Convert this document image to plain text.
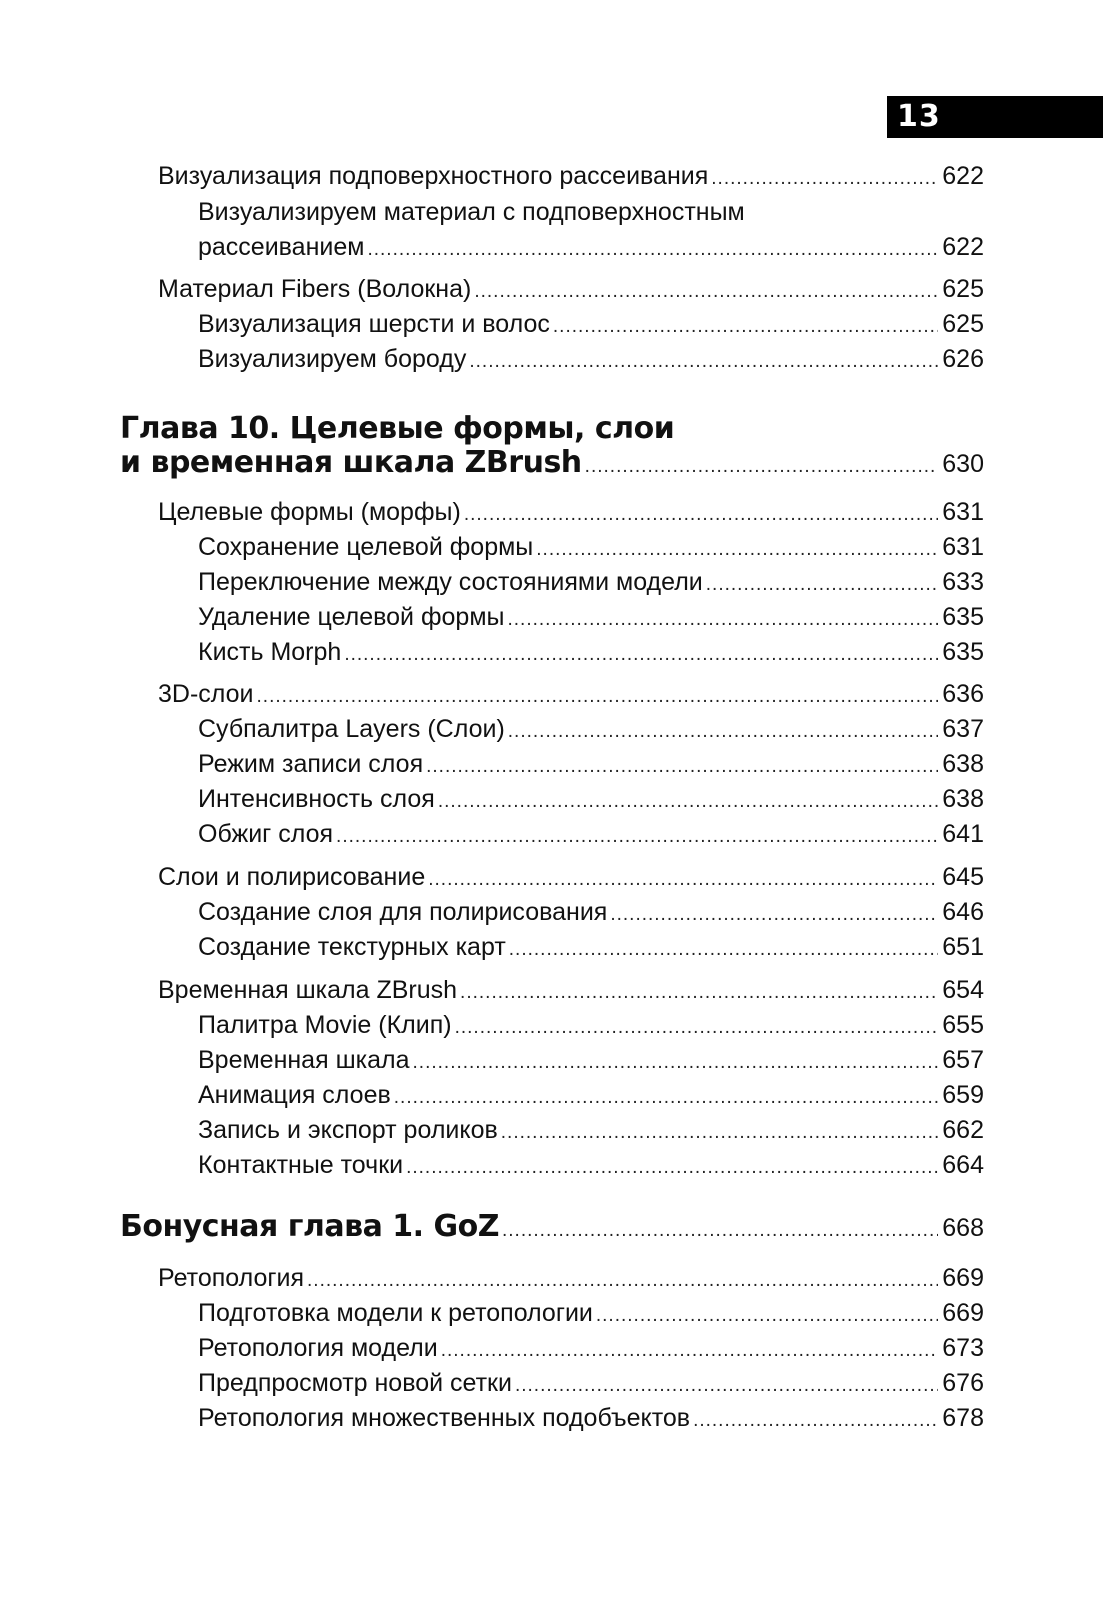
13
Визуализация подповерхностного рассеивания .....	622
Визуализируем материал с подповерхностным
рассеиванием .....	622
Материал Fibers (Волокна) .....	625
Визуализация шерсти и волос .....	625
Визуализируем бороду .....	626
Глава 10. Целевые формы, слои
и временная шкала ZBrush .....	630
Целевые формы (морфы) .....	631
Сохранение целевой формы .....	631
Переключение между состояниями модели .....	633
Удаление целевой формы .....	635
Кисть Morph .....	635
3D-слои .....	636
Субпалитра Layers (Слои) .....	637
Режим записи слоя .....	638
Интенсивность слоя .....	638
Обжиг слоя .....	641
Слои и полирисование .....	645
Создание слоя для полирисования .....	646
Создание текстурных карт .....	651
Временная шкала ZBrush .....	654
Палитра Movie (Клип) .....	655
Временная шкала .....	657
Анимация слоев .....	659
Запись и экспорт роликов .....	662
Контактные точки .....	664
Бонусная глава 1. GoZ .....	668
Ретопология .....	669
Подготовка модели к ретопологии .....	669
Ретопология модели .....	673
Предпросмотр новой сетки .....	676
Ретопология множественных подобъектов .....	678
